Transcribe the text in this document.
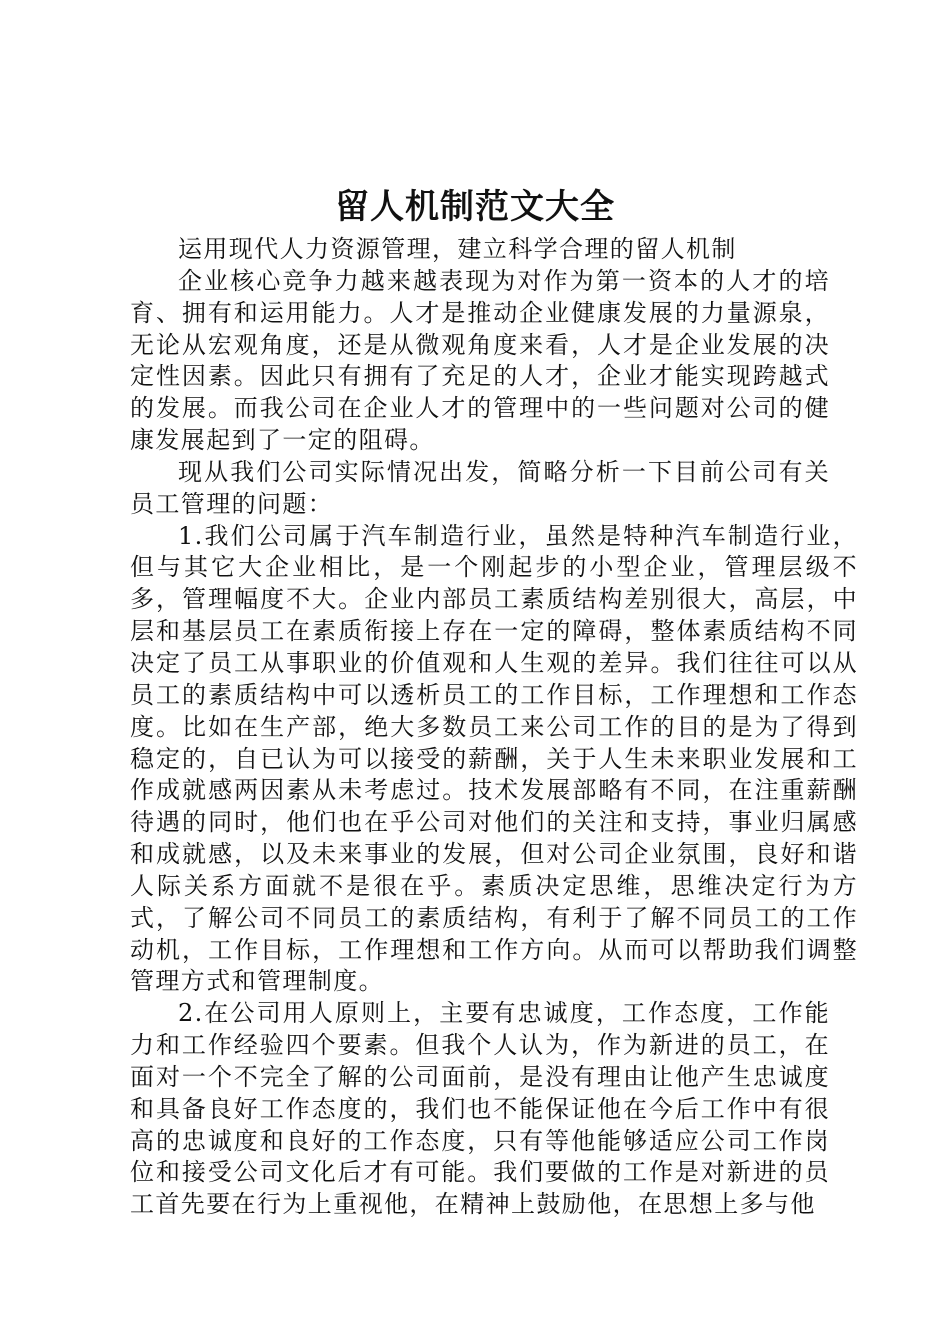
留人机制范文大全

运用现代人力资源管理，建立科学合理的留人机制

企业核心竞争力越来越表现为对作为第一资本的人才的培育、拥有和运用能力。人才是推动企业健康发展的力量源泉，无论从宏观角度，还是从微观角度来看，人才是企业发展的决定性因素。因此只有拥有了充足的人才，企业才能实现跨越式的发展。而我公司在企业人才的管理中的一些问题对公司的健康发展起到了一定的阻碍。

现从我们公司实际情况出发，简略分析一下目前公司有关员工管理的问题：

1.我们公司属于汽车制造行业，虽然是特种汽车制造行业，但与其它大企业相比，是一个刚起步的小型企业，管理层级不多，管理幅度不大。企业内部员工素质结构差别很大，高层，中层和基层员工在素质衔接上存在一定的障碍，整体素质结构不同决定了员工从事职业的价值观和人生观的差异。我们往往可以从员工的素质结构中可以透析员工的工作目标，工作理想和工作态度。比如在生产部，绝大多数员工来公司工作的目的是为了得到稳定的，自已认为可以接受的薪酬，关于人生未来职业发展和工作成就感两因素从未考虑过。技术发展部略有不同，在注重薪酬待遇的同时，他们也在乎公司对他们的关注和支持，事业归属感和成就感，以及未来事业的发展，但对公司企业氛围，良好和谐人际关系方面就不是很在乎。素质决定思维，思维决定行为方式，了解公司不同员工的素质结构，有利于了解不同员工的工作动机，工作目标，工作理想和工作方向。从而可以帮助我们调整管理方式和管理制度。

2.在公司用人原则上，主要有忠诚度，工作态度，工作能力和工作经验四个要素。但我个人认为，作为新进的员工，在面对一个不完全了解的公司面前，是没有理由让他产生忠诚度和具备良好工作态度的，我们也不能保证他在今后工作中有很高的忠诚度和良好的工作态度，只有等他能够适应公司工作岗位和接受公司文化后才有可能。我们要做的工作是对新进的员工首先要在行为上重视他，在精神上鼓励他，在思想上多与他
